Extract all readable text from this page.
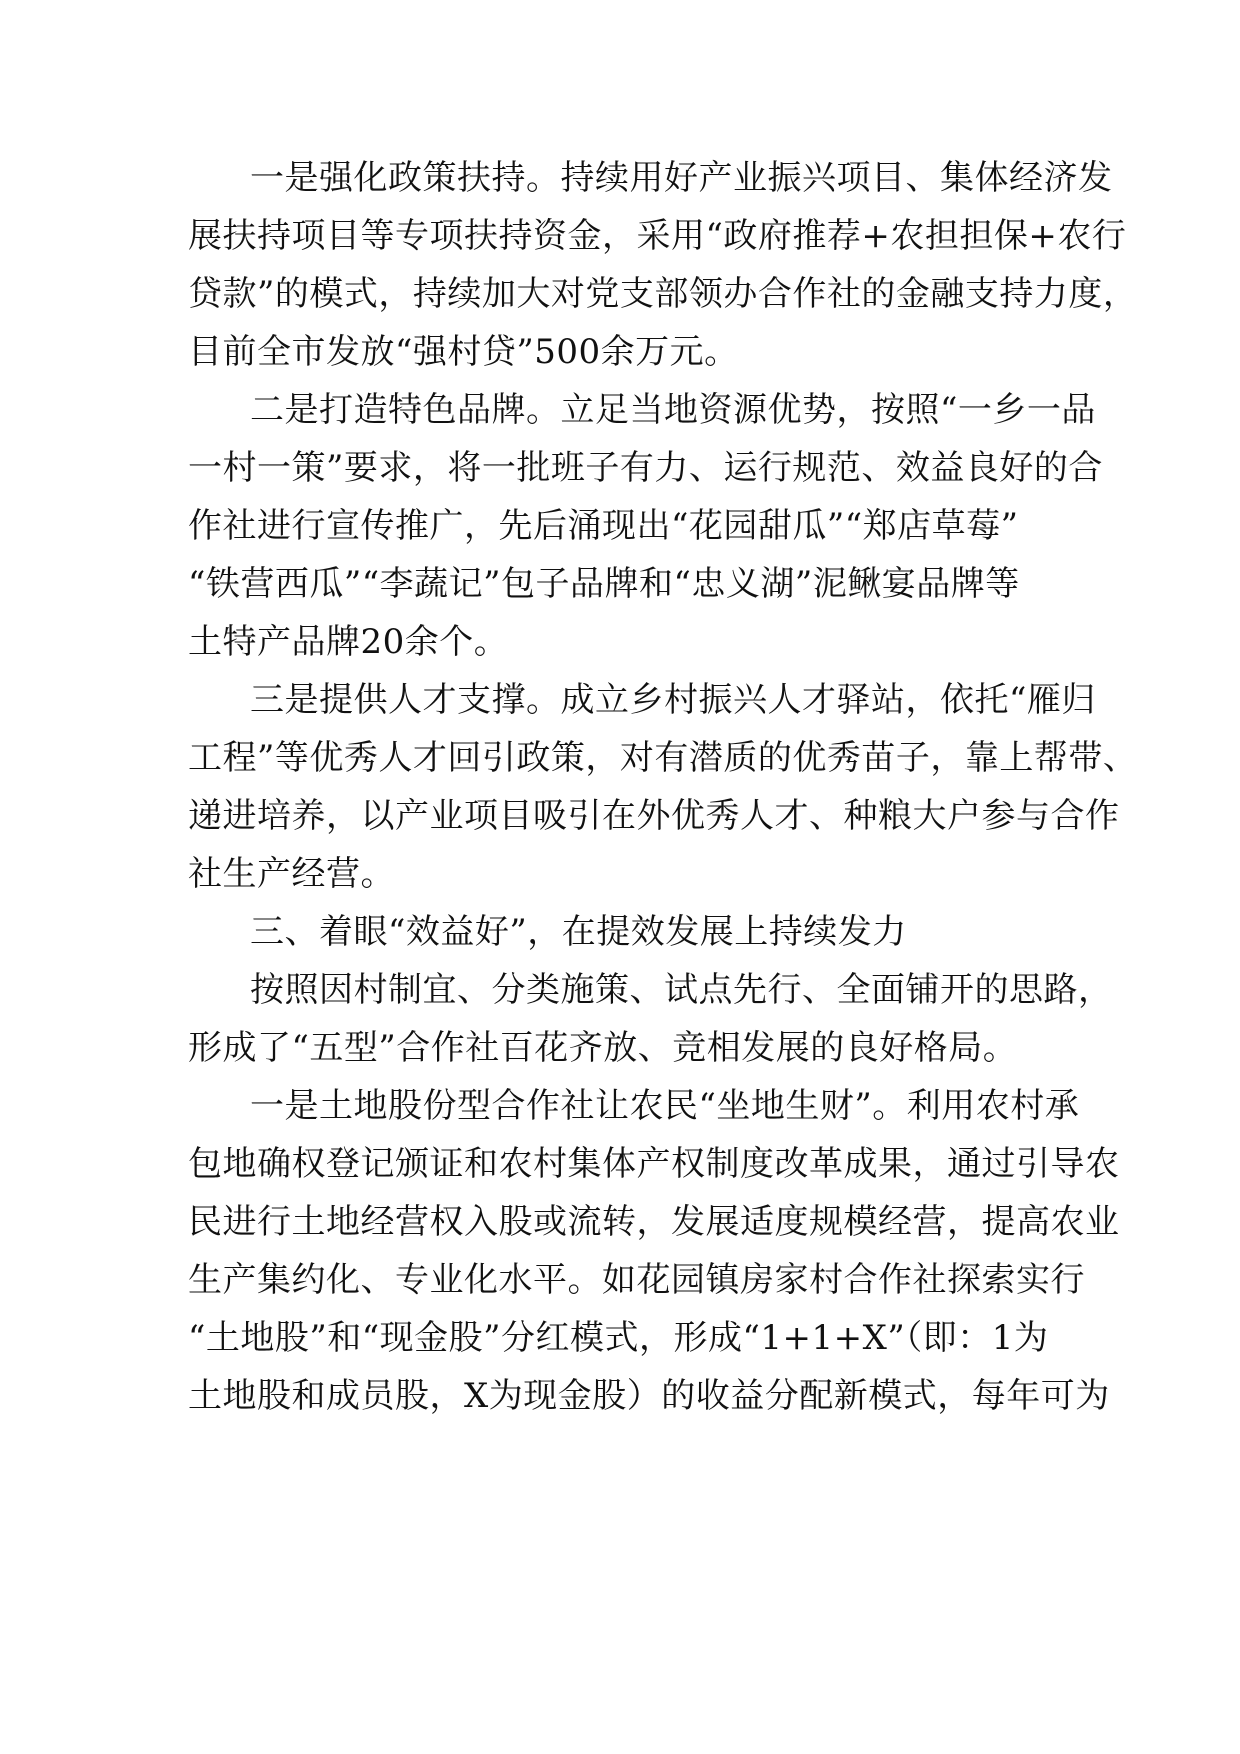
一是强化政策扶持。持续用好产业振兴项目、集体经济发
展扶持项目等专项扶持资金，采用“政府推荐+农担担保+农行
贷款”的模式，持续加大对党支部领办合作社的金融支持力度，
目前全市发放“强村贷”500余万元。
二是打造特色品牌。立足当地资源优势，按照“一乡一品
一村一策”要求，将一批班子有力、运行规范、效益良好的合
作社进行宣传推广，先后涌现出“花园甜瓜”“郑店草莓”
“铁营西瓜”“李蔬记”包子品牌和“忠义湖”泥鳅宴品牌等
土特产品牌20余个。
三是提供人才支撑。成立乡村振兴人才驿站，依托“雁归
工程”等优秀人才回引政策，对有潜质的优秀苗子，靠上帮带、
递进培养，以产业项目吸引在外优秀人才、种粮大户参与合作
社生产经营。
三、着眼“效益好”，在提效发展上持续发力
按照因村制宜、分类施策、试点先行、全面铺开的思路，
形成了“五型”合作社百花齐放、竞相发展的良好格局。
一是土地股份型合作社让农民“坐地生财”。利用农村承
包地确权登记颁证和农村集体产权制度改革成果，通过引导农
民进行土地经营权入股或流转，发展适度规模经营，提高农业
生产集约化、专业化水平。如花园镇房家村合作社探索实行
“土地股”和“现金股”分红模式，形成“1+1+X”（即：1为
土地股和成员股，X为现金股）的收益分配新模式，每年可为
